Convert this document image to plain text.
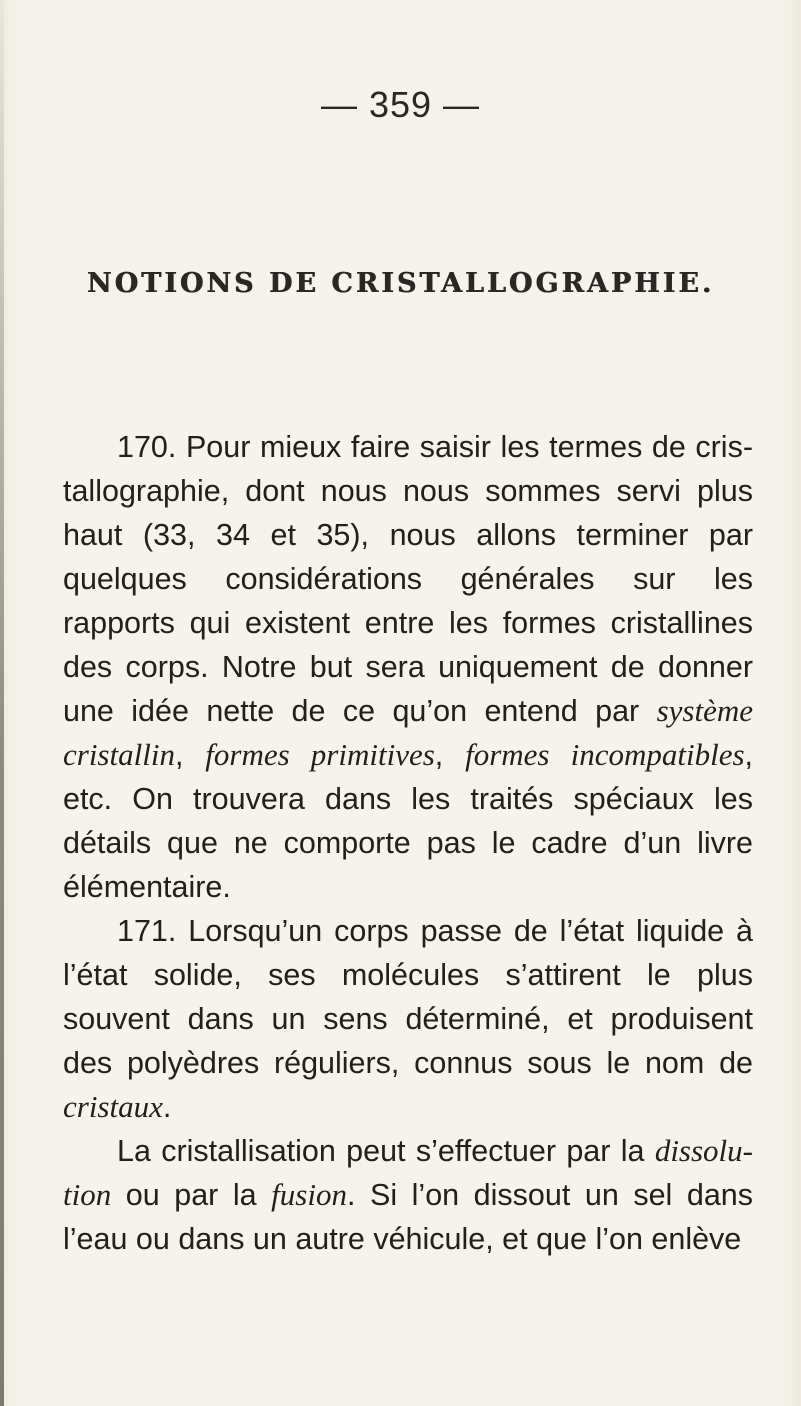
— 359 —
NOTIONS DE CRISTALLOGRAPHIE.

170. Pour mieux faire saisir les termes de cristallographie, dont nous nous sommes servi plus haut (33, 34 et 35), nous allons terminer par quelques considérations générales sur les rapports qui existent entre les formes cristallines des corps. Notre but sera uniquement de donner une idée nette de ce qu’on entend par système cristallin, formes primitives, formes incompatibles, etc. On trouvera dans les traités spéciaux les détails que ne comporte pas le cadre d’un livre élémentaire.

171. Lorsqu’un corps passe de l’état liquide à l’état solide, ses molécules s’attirent le plus souvent dans un sens déterminé, et produisent des polyèdres réguliers, connus sous le nom de cristaux.

La cristallisation peut s’effectuer par la dissolution ou par la fusion. Si l’on dissout un sel dans l’eau ou dans un autre véhicule, et que l’on enlève
